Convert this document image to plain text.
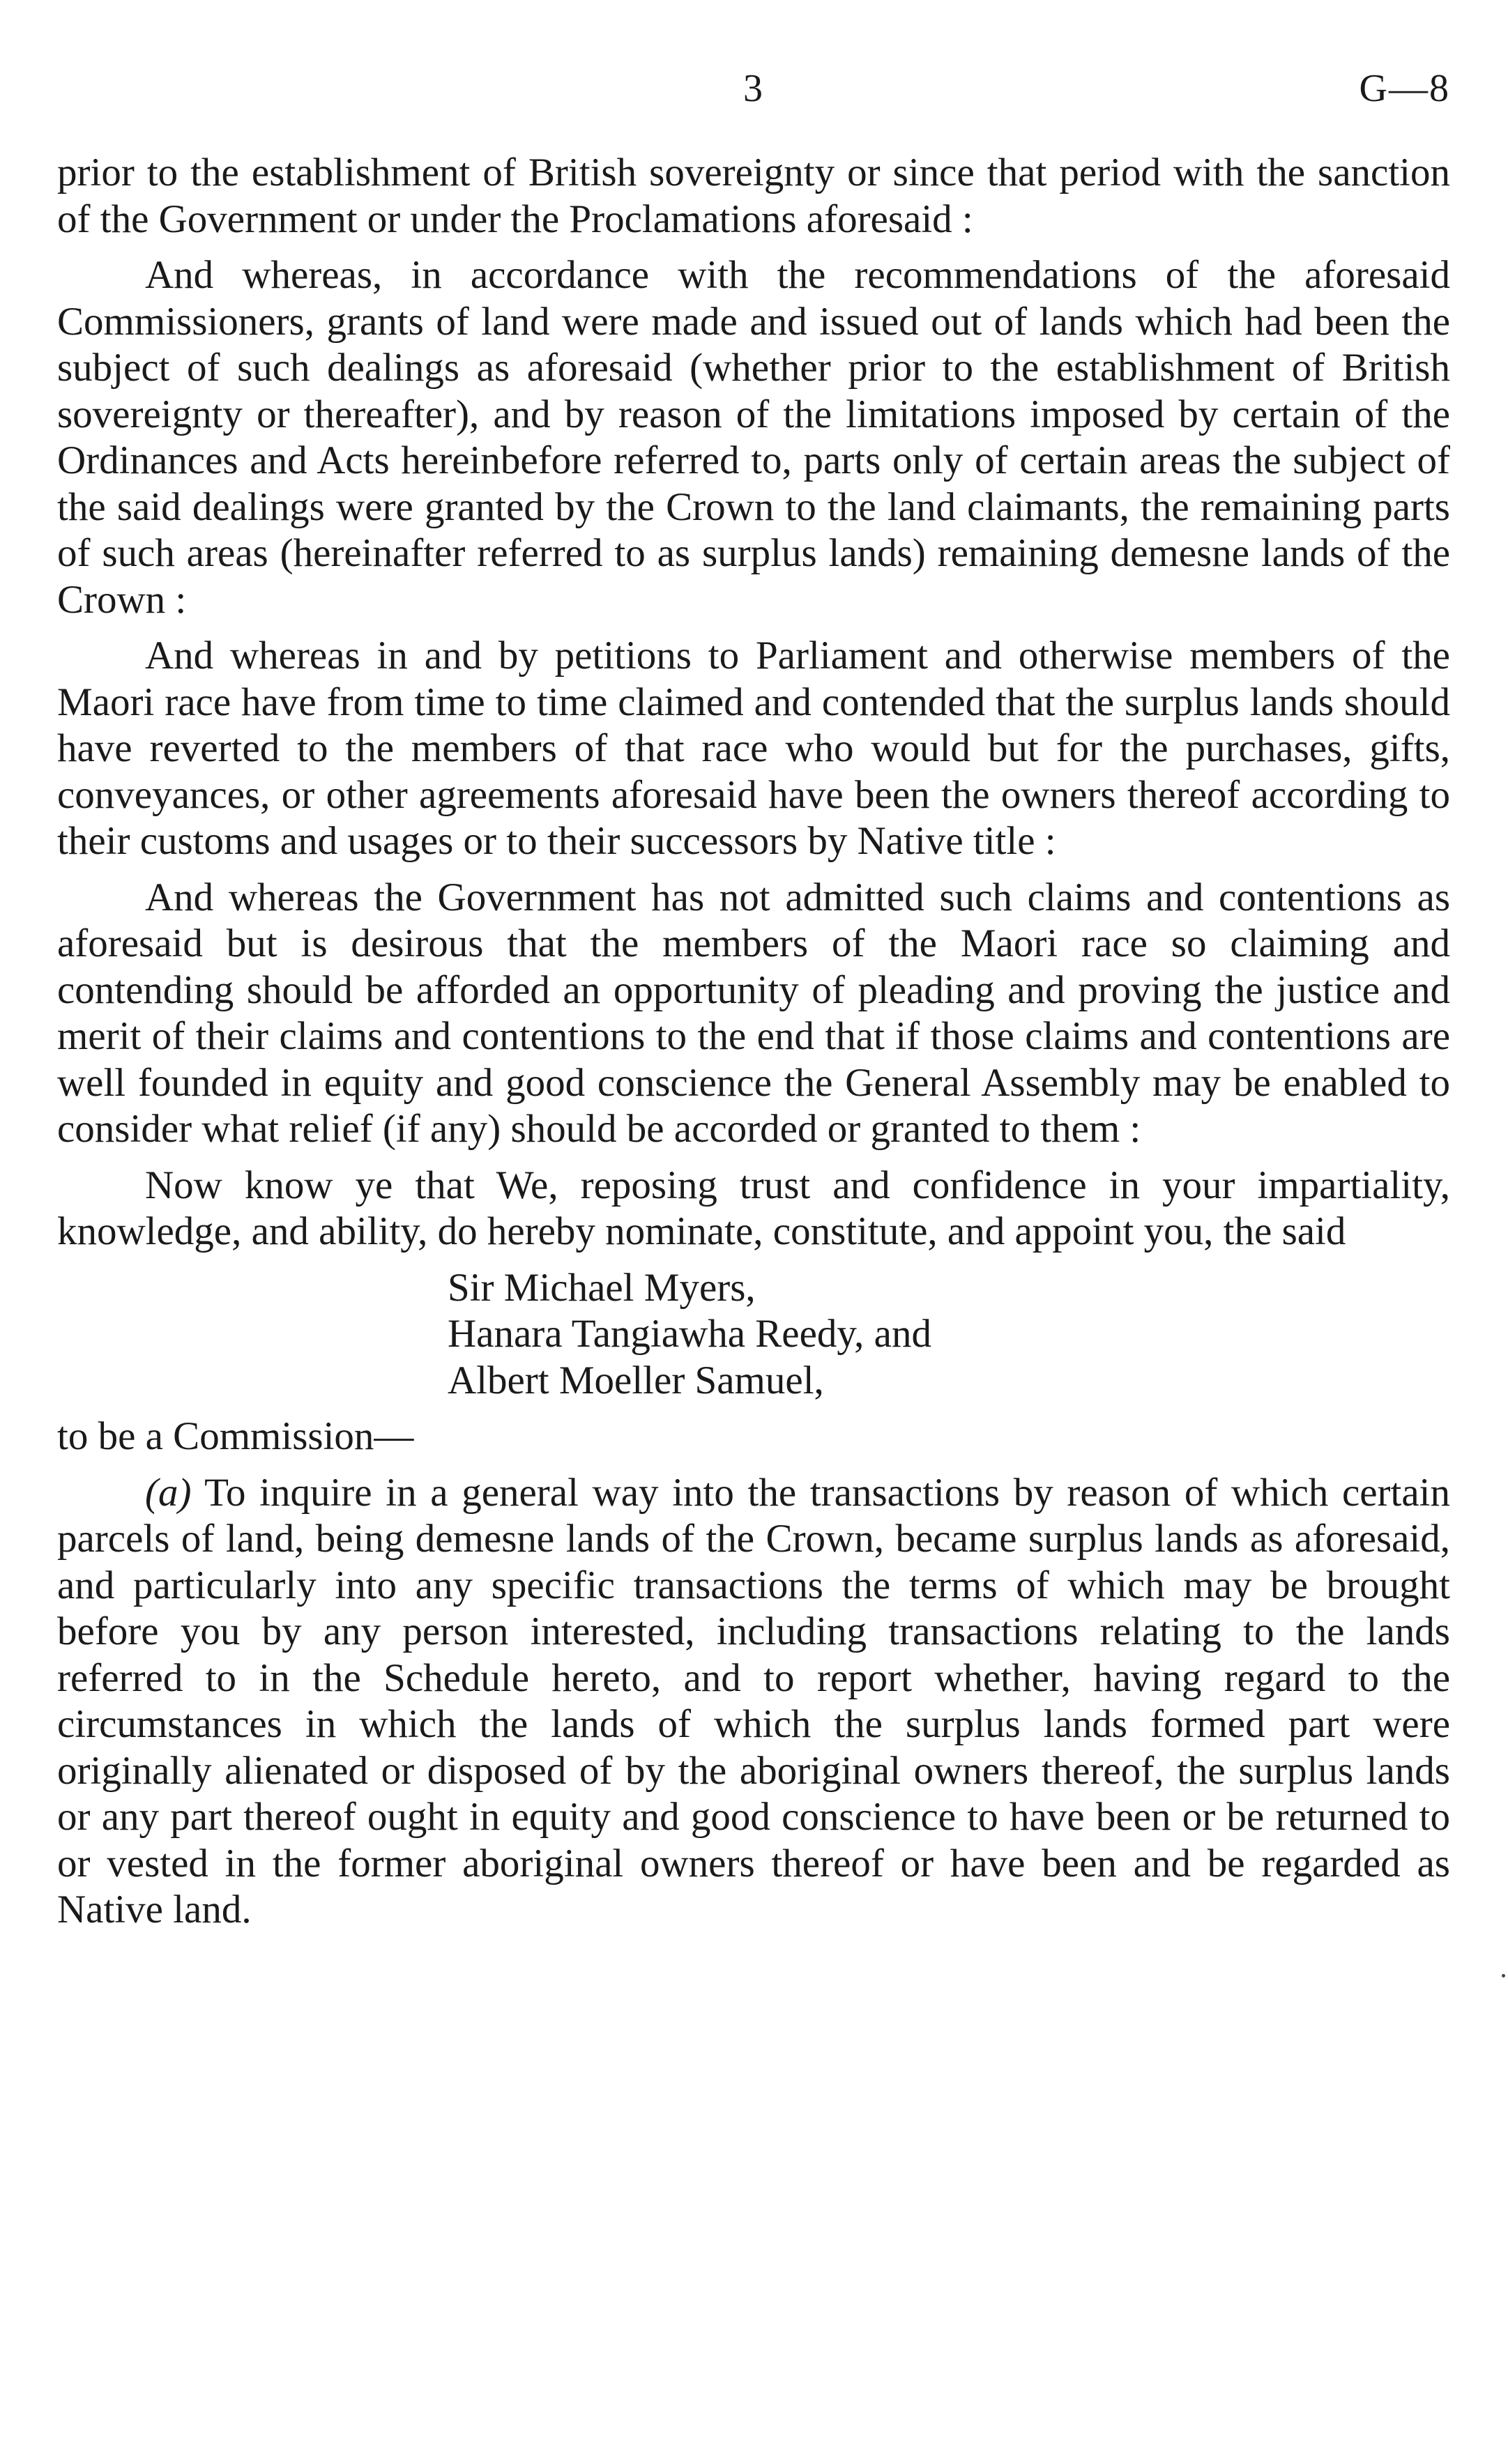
3	G—8

prior to the establishment of British sovereignty or since that period with the sanction of the Government or under the Proclamations aforesaid :

And whereas, in accordance with the recommendations of the aforesaid Commissioners, grants of land were made and issued out of lands which had been the subject of such dealings as aforesaid (whether prior to the establishment of British sovereignty or thereafter), and by reason of the limitations imposed by certain of the Ordinances and Acts hereinbefore referred to, parts only of certain areas the subject of the said dealings were granted by the Crown to the land claimants, the remaining parts of such areas (hereinafter referred to as surplus lands) remaining demesne lands of the Crown :

And whereas in and by petitions to Parliament and otherwise members of the Maori race have from time to time claimed and contended that the surplus lands should have reverted to the members of that race who would but for the purchases, gifts, conveyances, or other agreements aforesaid have been the owners thereof according to their customs and usages or to their successors by Native title :

And whereas the Government has not admitted such claims and contentions as aforesaid but is desirous that the members of the Maori race so claiming and contending should be afforded an opportunity of pleading and proving the justice and merit of their claims and contentions to the end that if those claims and contentions are well founded in equity and good conscience the General Assembly may be enabled to consider what relief (if any) should be accorded or granted to them :

Now know ye that We, reposing trust and confidence in your impartiality, knowledge, and ability, do hereby nominate, constitute, and appoint you, the said

Sir Michael Myers,
Hanara Tangiawha Reedy, and
Albert Moeller Samuel,

to be a Commission—

(a) To inquire in a general way into the transactions by reason of which certain parcels of land, being demesne lands of the Crown, became surplus lands as aforesaid, and particularly into any specific transactions the terms of which may be brought before you by any person interested, including transactions relating to the lands referred to in the Schedule hereto, and to report whether, having regard to the circumstances in which the lands of which the surplus lands formed part were originally alienated or disposed of by the aboriginal owners thereof, the surplus lands or any part thereof ought in equity and good conscience to have been or be returned to or vested in the former aboriginal owners thereof or have been and be regarded as Native land.
